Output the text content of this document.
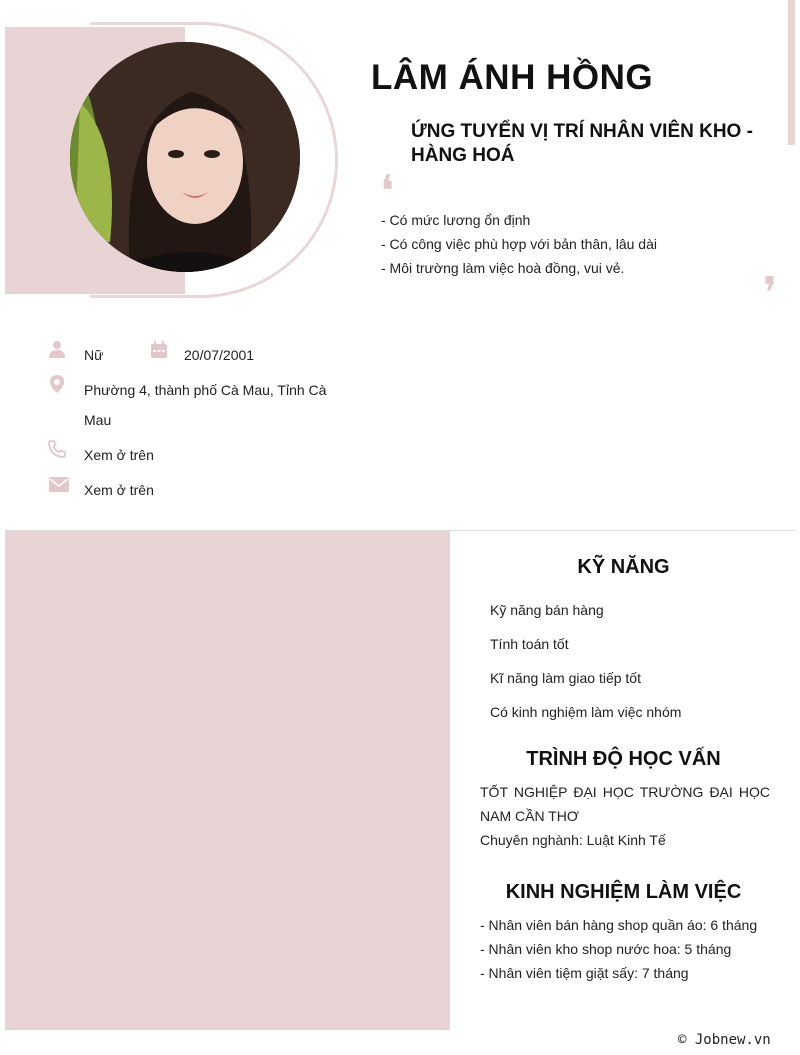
LÂM ÁNH HỒNG
ỨNG TUYỂN VỊ TRÍ NHÂN VIÊN KHO - HÀNG HOÁ
❛
❜
- Có mức lương ổn định
- Có công việc phù hợp với bản thân, lâu dài
- Môi trường làm việc hoà đồng, vui vẻ.
Nữ	20/07/2001
Phường 4, thành phố Cà Mau, Tỉnh Cà
Mau
Xem ở trên
Xem ở trên
KỸ NĂNG
Kỹ năng bán hàng
Tính toán tốt
Kĩ năng làm giao tiếp tốt
Có kinh nghiệm làm việc nhóm
TRÌNH ĐỘ HỌC VẤN
TỐT NGHIỆP ĐẠI HỌC TRƯỜNG ĐẠI HỌC NAM CẦN THƠ
Chuyên nghành: Luật Kinh Tế
KINH NGHIỆM LÀM VIỆC
- Nhân viên bán hàng shop quần áo: 6 tháng
- Nhân viên kho shop nước hoa: 5 tháng
- Nhân viên tiệm giặt sấy: 7 tháng
© Jobnew.vn
